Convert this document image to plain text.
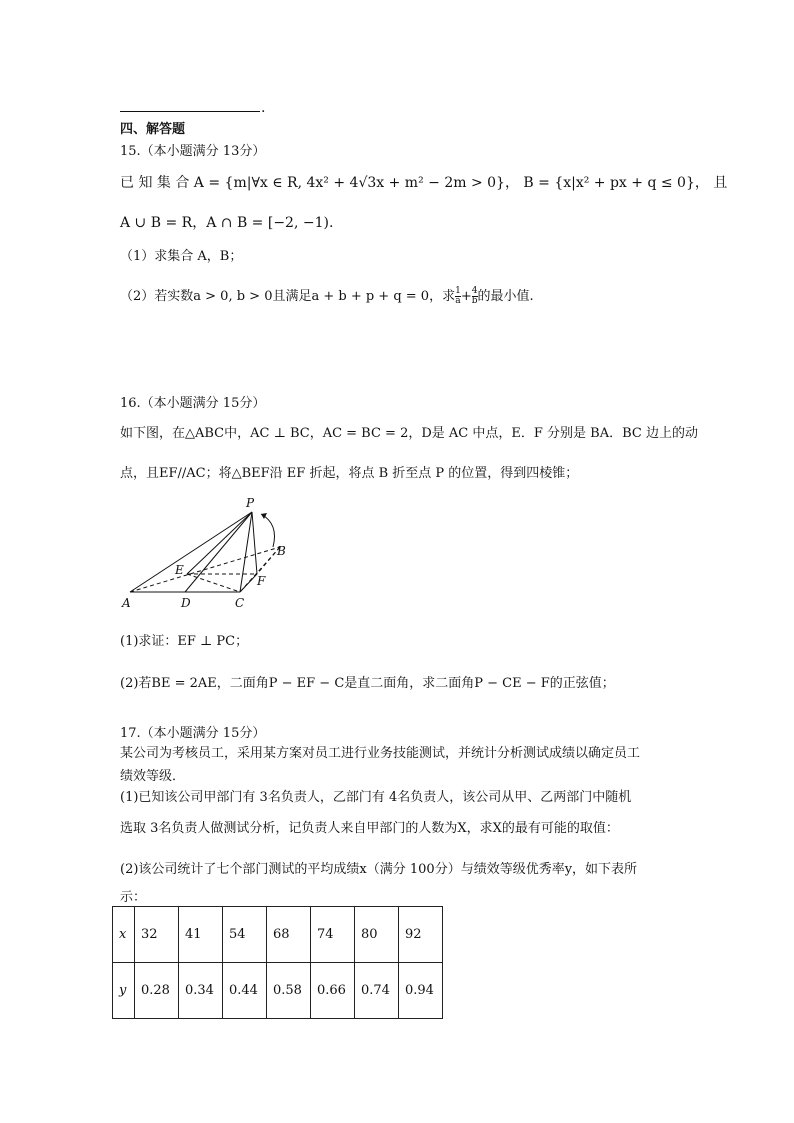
.
四、解答题
15.（本小题满分 13分）
已 知 集 合 A = {m|∀x ∈ R, 4x² + 4√3x + m² − 2m > 0}， B = {x|x² + px + q ≤ 0}， 且
A ∪ B = R，A ∩ B = [−2, −1).
（1）求集合 A，B；
（2）若实数a > 0, b > 0且满足a + b + p + q = 0，求 $\frac{1}{a} + \frac{4}{b}$ 的最小值.
16.（本小题满分 15分）
如下图，在△ABC中，AC ⊥ BC，AC = BC = 2，D是 AC 中点，E．F 分别是 BA．BC 边上的动
点，且EF//AC；将△BEF沿 EF 折起，将点 B 折至点 P 的位置，得到四棱锥；
P
B
E
F
A	D	C
(1)求证：EF ⊥ PC；
(2)若BE = 2AE，二面角P − EF − C是直二面角，求二面角P − CE − F的正弦值；
17.（本小题满分 15分）
某公司为考核员工，采用某方案对员工进行业务技能测试，并统计分析测试成绩以确定员工
绩效等级．
(1)已知该公司甲部门有 3名负责人，乙部门有 4名负责人，该公司从甲、乙两部门中随机
选取 3名负责人做测试分析，记负责人来自甲部门的人数为X，求X的最有可能的取值：
(2)该公司统计了七个部门测试的平均成绩x（满分 100分）与绩效等级优秀率y，如下表所
示：
x	32	41	54	68	74	80	92
y	0.28	0.34	0.44	0.58	0.66	0.74	0.94
